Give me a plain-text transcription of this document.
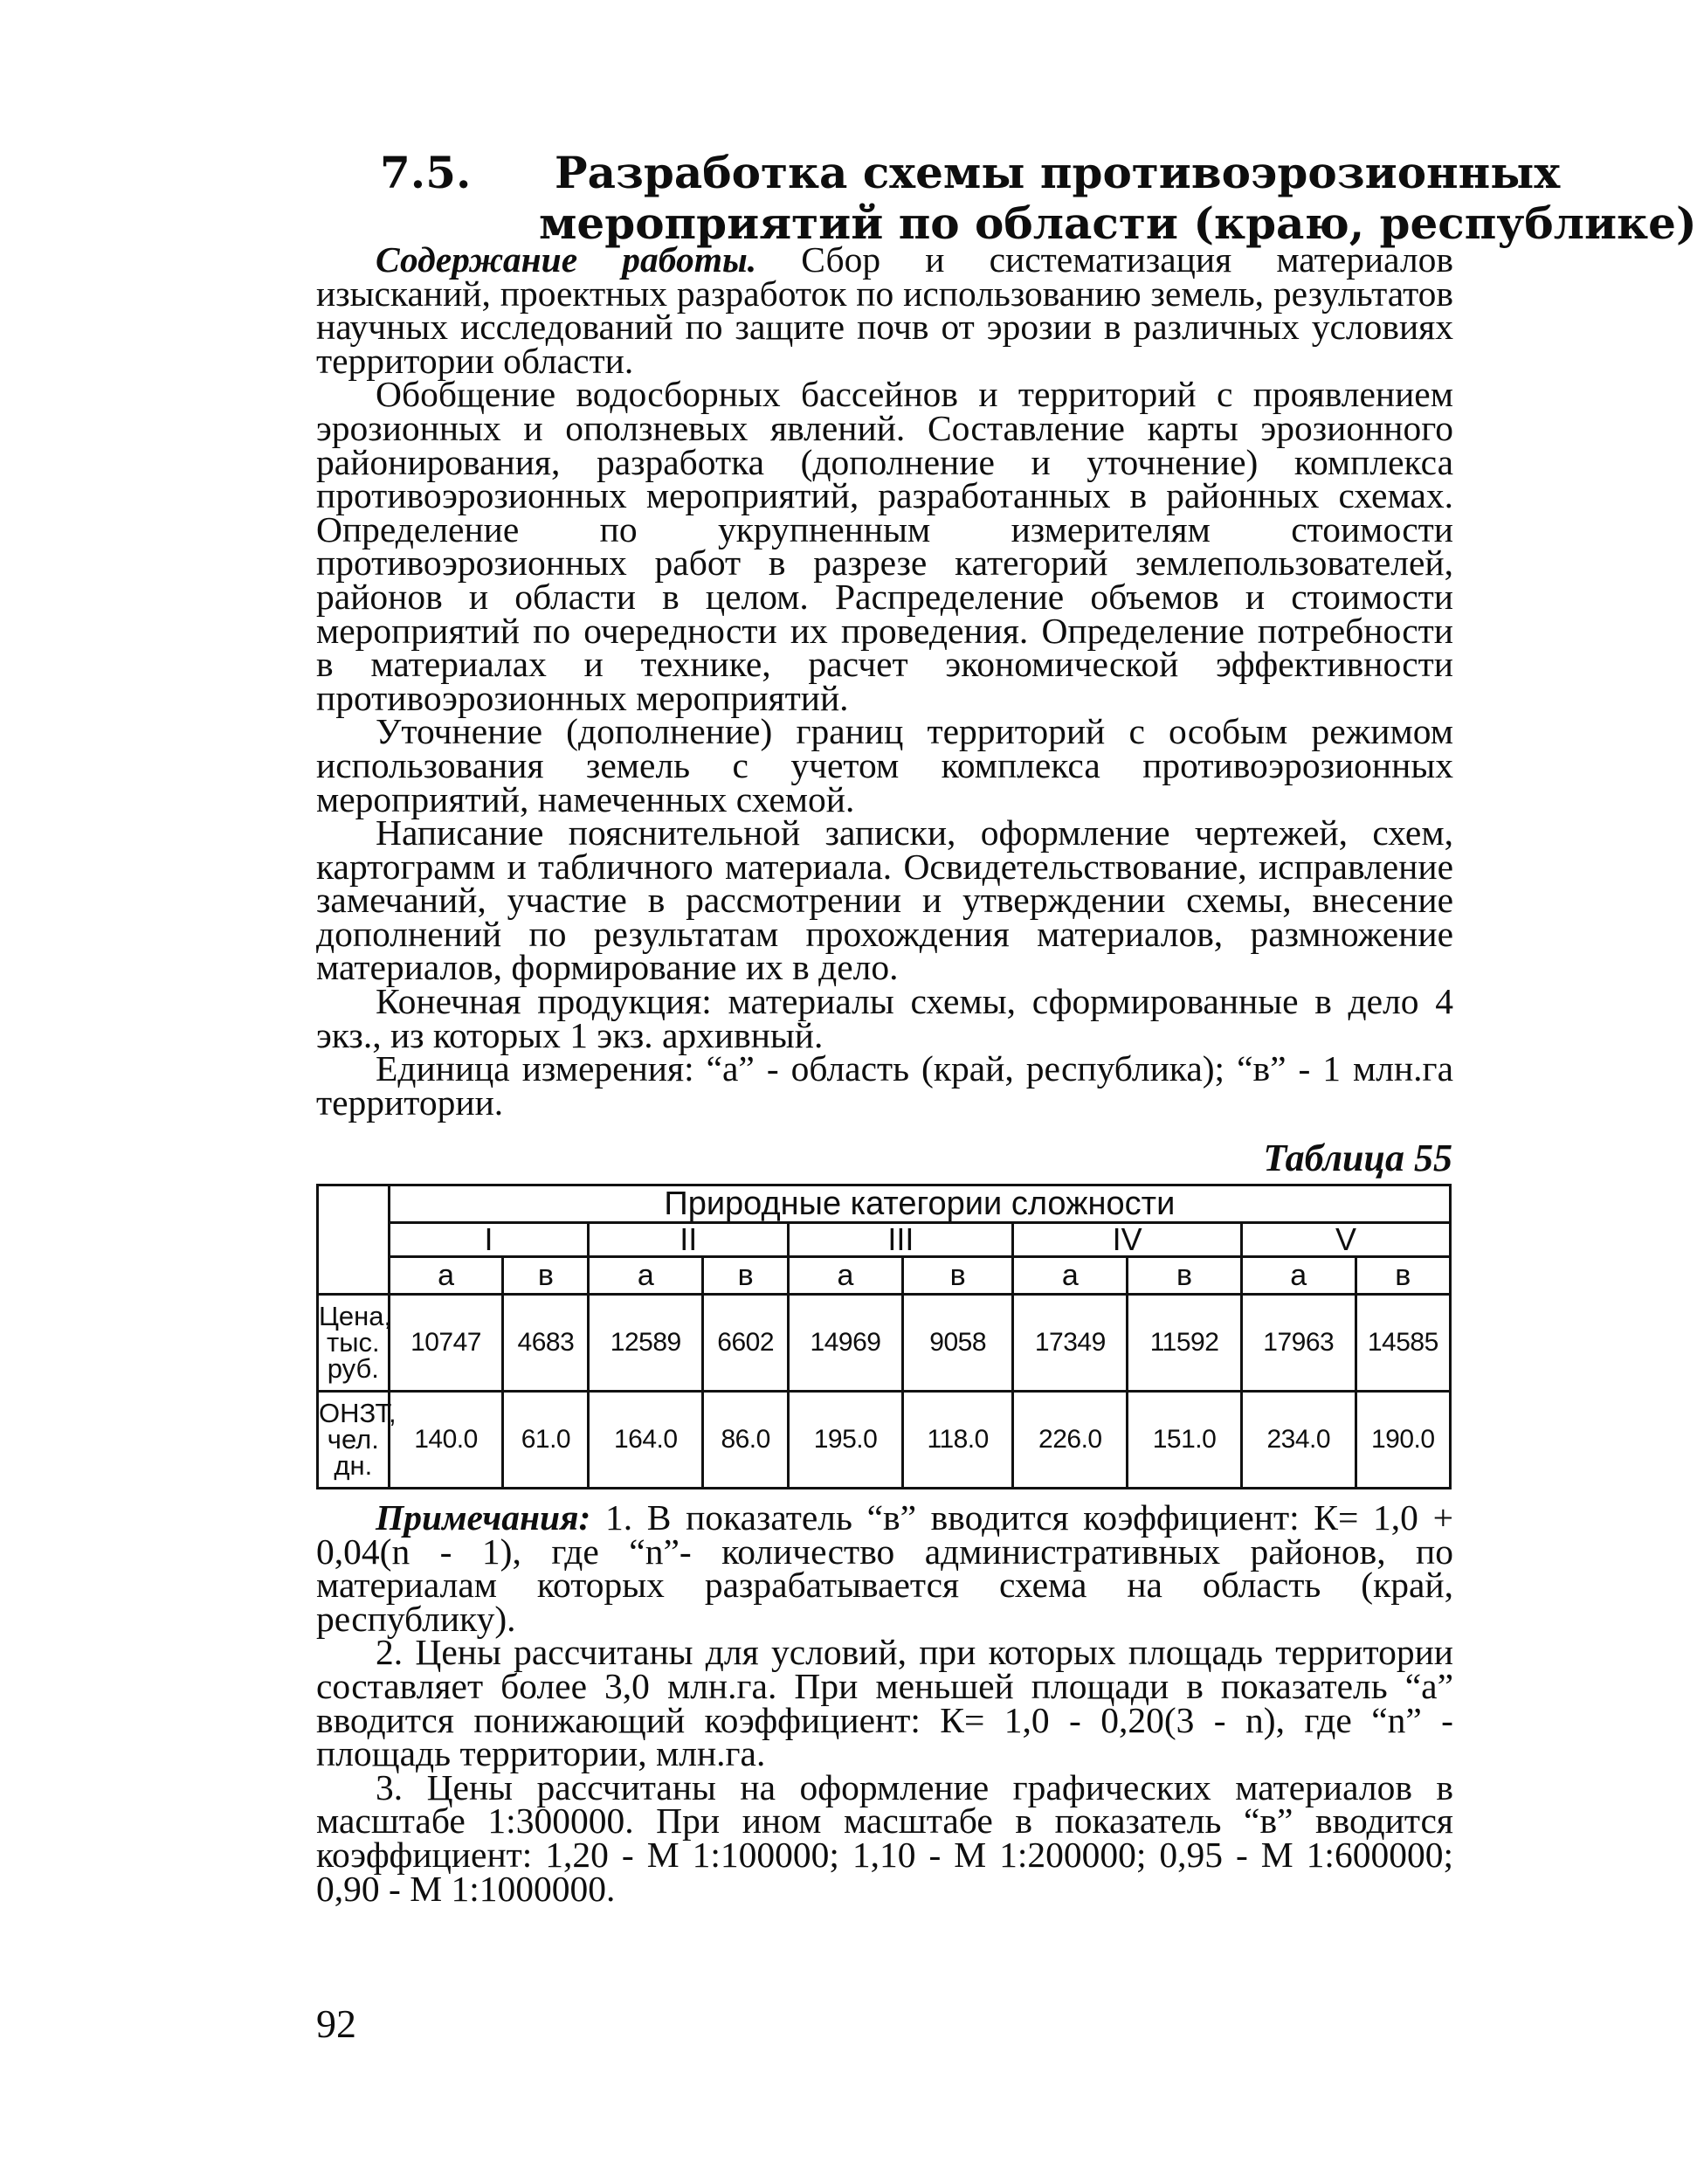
7.5. Разработка схемы противоэрозионных
мероприятий по области (краю, республике)

Содержание работы. Сбор и систематизация материалов изысканий, проектных разработок по использованию земель, результатов научных исследований по защите почв от эрозии в различных условиях территории области.

Обобщение водосборных бассейнов и территорий с проявлением эрозионных и оползневых явлений. Составление карты эрозионного районирования, разработка (дополнение и уточнение) комплекса противоэрозионных мероприятий, разработанных в районных схемах. Определение по укрупненным измерителям стоимости противоэрозионных работ в разрезе категорий землепользователей, районов и области в целом. Распределение объемов и стоимости мероприятий по очередности их проведения. Определение потребности в материалах и технике, расчет экономической эффективности противоэрозионных мероприятий.

Уточнение (дополнение) границ территорий с особым режимом использования земель с учетом комплекса противоэрозионных мероприятий, намеченных схемой.

Написание пояснительной записки, оформление чертежей, схем, картограмм и табличного материала. Освидетельствование, исправление замечаний, участие в рассмотрении и утверждении схемы, внесение дополнений по результатам прохождения материалов, размножение материалов, формирование их в дело.

Конечная продукция: материалы схемы, сформированные в дело 4 экз., из которых 1 экз. архивный.

Единица измерения: “а” - область (край, республика); “в” - 1 млн.га территории.

Таблица 55
	Природные категории сложности									
	I		II		III		IV		V	
	а	в	а	в	а	в	а	в	а	в
Цена, тыс. руб.	10747	4683	12589	6602	14969	9058	17349	11592	17963	14585
ОНЗТ, чел. дн.	140.0	61.0	164.0	86.0	195.0	118.0	226.0	151.0	234.0	190.0

Примечания: 1. В показатель “в” вводится коэффициент: К= 1,0 + 0,04(n - 1), где “n”- количество административных районов, по материалам которых разрабатывается схема на область (край, республику).

2. Цены рассчитаны для условий, при которых площадь территории составляет более 3,0 млн.га. При меньшей площади в показатель “а” вводится понижающий коэффициент: К= 1,0 - 0,20(3 - n), где “n” - площадь территории, млн.га.

3. Цены рассчитаны на оформление графических материалов в масштабе 1:300000. При ином масштабе в показатель “в” вводится коэффициент: 1,20 - М 1:100000; 1,10 - М 1:200000; 0,95 - М 1:600000; 0,90 - М 1:1000000.

92
